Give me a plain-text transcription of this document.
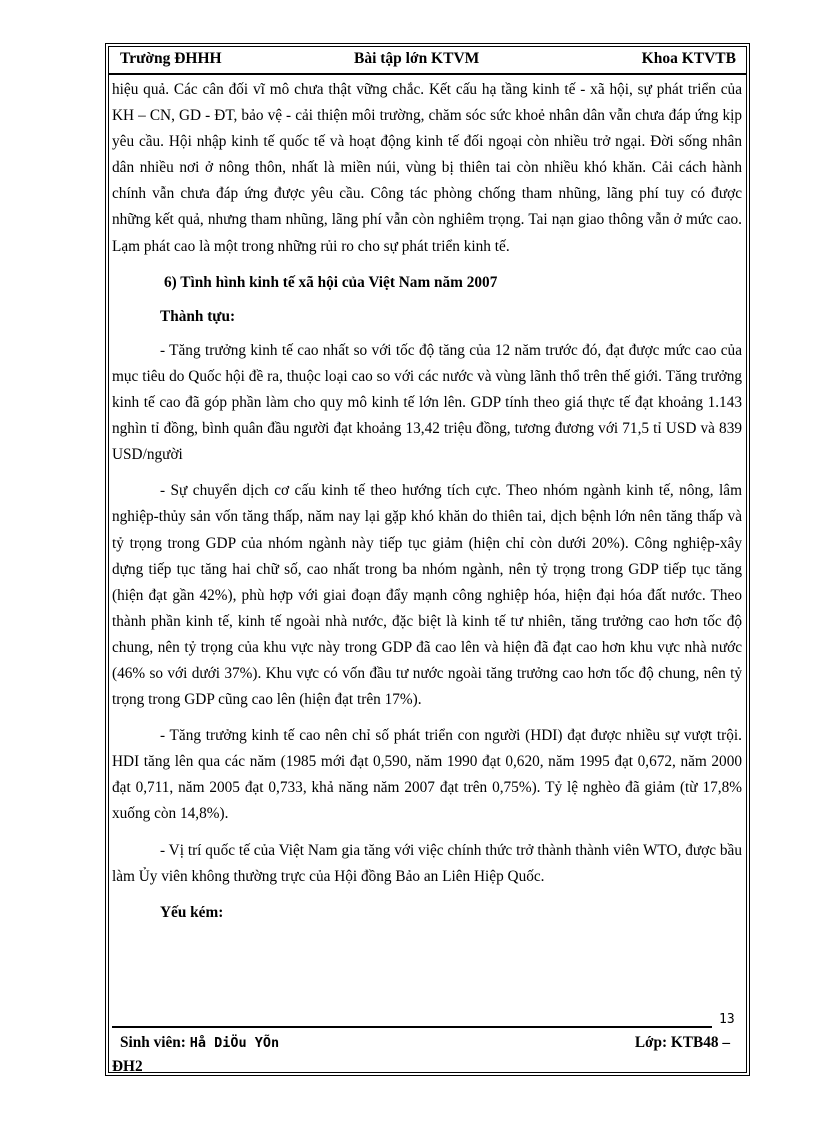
Trường ĐHHH	Bài tập lớn KTVM	Khoa KTVTB

hiệu quả. Các cân đối vĩ mô chưa thật vững chắc. Kết cấu hạ tầng kinh tế - xã hội, sự phát triển của KH – CN, GD - ĐT, bảo vệ - cải thiện môi trường, chăm sóc sức khoẻ nhân dân vẫn chưa đáp ứng kịp yêu cầu. Hội nhập kinh tế quốc tế và hoạt động kinh tế đối ngoại còn nhiều trở ngại. Đời sống nhân dân nhiều nơi ở nông thôn, nhất là miền núi, vùng bị thiên tai còn nhiều khó khăn. Cải cách hành chính vẫn chưa đáp ứng được yêu cầu. Công tác phòng chống tham nhũng, lãng phí tuy có được những kết quả, nhưng tham nhũng, lãng phí vẫn còn nghiêm trọng. Tai nạn giao thông vẫn ở mức cao. Lạm phát cao là một trong những rủi ro cho sự phát triển kinh tế.

6) Tình hình kinh tế xã hội của Việt Nam năm 2007

Thành tựu:

- Tăng trưởng kinh tế cao nhất so với tốc độ tăng của 12 năm trước đó, đạt được mức cao của mục tiêu do Quốc hội đề ra, thuộc loại cao so với các nước và vùng lãnh thổ trên thế giới. Tăng trưởng kinh tế cao đã góp phần làm cho quy mô kinh tế lớn lên. GDP tính theo giá thực tế đạt khoảng 1.143 nghìn tỉ đồng, bình quân đầu người đạt khoảng 13,42 triệu đồng, tương đương với 71,5 tỉ USD và 839 USD/người

- Sự chuyển dịch cơ cấu kinh tế theo hướng tích cực. Theo nhóm ngành kinh tế, nông, lâm nghiệp-thủy sản vốn tăng thấp, năm nay lại gặp khó khăn do thiên tai, dịch bệnh lớn nên tăng thấp và tỷ trọng trong GDP của nhóm ngành này tiếp tục giảm (hiện chỉ còn dưới 20%). Công nghiệp-xây dựng tiếp tục tăng hai chữ số, cao nhất trong ba nhóm ngành, nên tỷ trọng trong GDP tiếp tục tăng (hiện đạt gần 42%), phù hợp với giai đoạn đẩy mạnh công nghiệp hóa, hiện đại hóa đất nước. Theo thành phần kinh tế, kinh tế ngoài nhà nước, đặc biệt là kinh tế tư nhiên, tăng trưởng cao hơn tốc độ chung, nên tỷ trọng của khu vực này trong GDP đã cao lên và hiện đã đạt cao hơn khu vực nhà nước (46% so với dưới 37%). Khu vực có vốn đầu tư nước ngoài tăng trưởng cao hơn tốc độ chung, nên tỷ trọng trong GDP cũng cao lên (hiện đạt trên 17%).

- Tăng trưởng kinh tế cao nên chỉ số phát triển con người (HDI) đạt được nhiều sự vượt trội. HDI tăng lên qua các năm (1985 mới đạt 0,590, năm 1990 đạt 0,620, năm 1995 đạt 0,672, năm 2000 đạt 0,711, năm 2005 đạt 0,733, khả năng năm 2007 đạt trên 0,75%). Tỷ lệ nghèo đã giảm (từ 17,8% xuống còn 14,8%).

- Vị trí quốc tế của Việt Nam gia tăng với việc chính thức trở thành thành viên WTO, được bầu làm Ủy viên không thường trực của Hội đồng Bảo an Liên Hiệp Quốc.

Yếu kém:

13
Sinh viên: Hå DiÖu YÕn	Lớp: KTB48 –
ĐH2
